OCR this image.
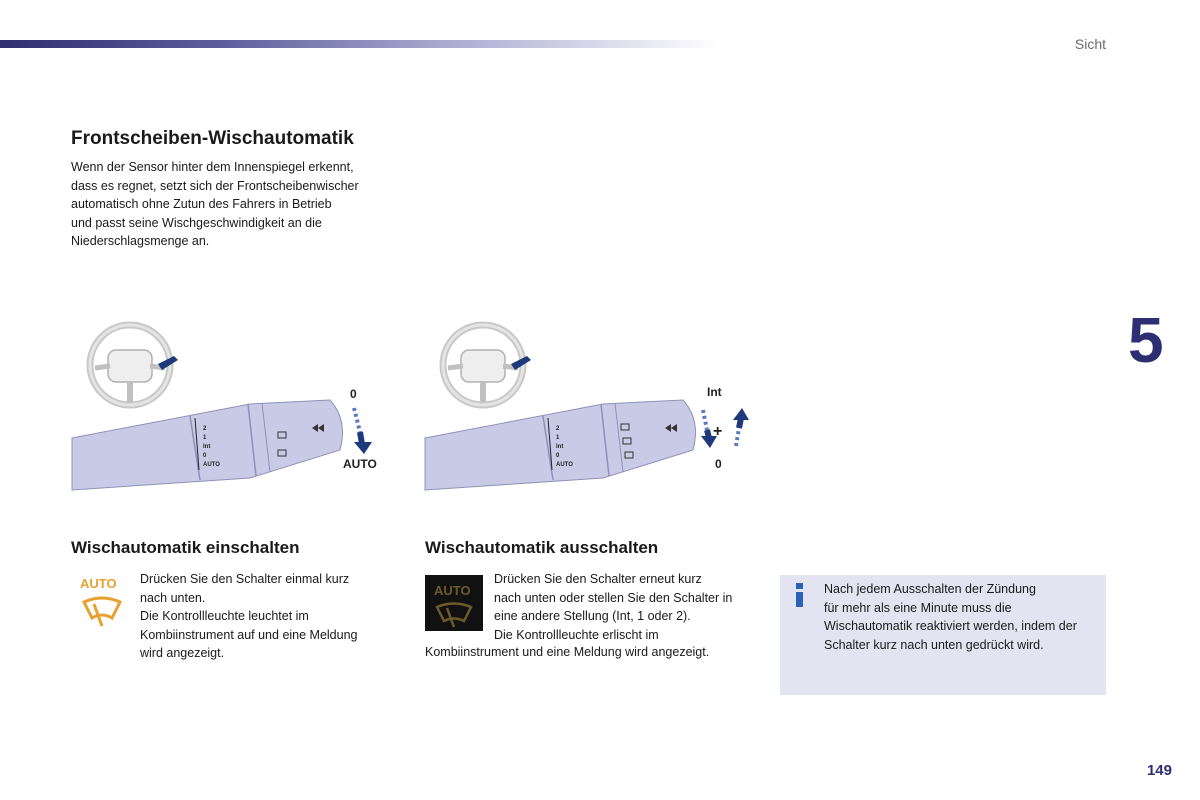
Sicht
5
Frontscheiben-Wischautomatik

Wenn der Sensor hinter dem Innenspiegel erkennt,
dass es regnet, setzt sich der Frontscheibenwischer
automatisch ohne Zutun des Fahrers in Betrieb
und passt seine Wischgeschwindigkeit an die
Niederschlagsmenge an.

2
1
Int
0
AUTO
0
AUTO
2
1
Int
0
AUTO
Int
+
0
Wischautomatik einschalten	Wischautomatik ausschalten
AUTO Drücken Sie den Schalter einmal kurz
nach unten.
Die Kontrollleuchte leuchtet im
Kombiinstrument auf und eine Meldung
wird angezeigt.

AUTO

Drücken Sie den Schalter erneut kurz
nach unten oder stellen Sie den Schalter in
eine andere Stellung (Int, 1 oder 2).
Die Kontrollleuchte erlischt im

Kombiinstrument und eine Meldung wird angezeigt.

Nach jedem Ausschalten der Zündung
für mehr als eine Minute muss die
Wischautomatik reaktiviert werden, indem der
Schalter kurz nach unten gedrückt wird.

149
